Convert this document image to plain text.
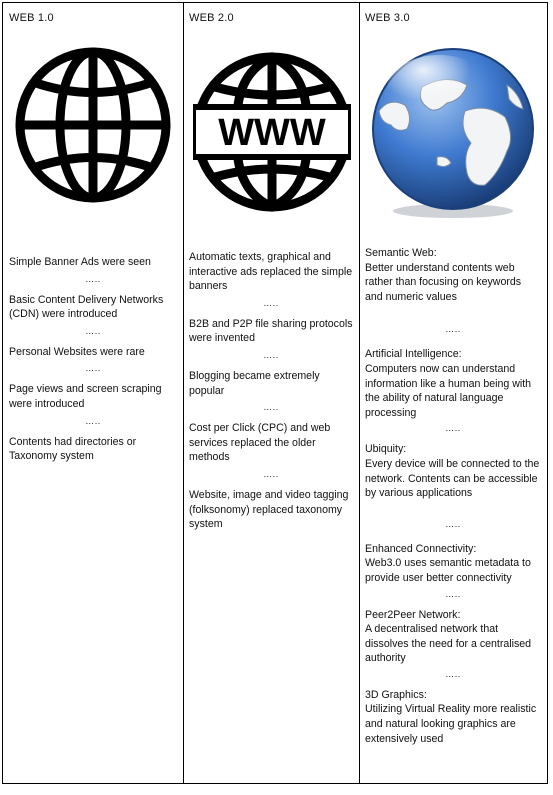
WEB 1.0

Simple Banner Ads were seen

…..

Basic Content Delivery Networks (CDN) were introduced

…..

Personal Websites were rare

…..

Page views and screen scraping were introduced

…..

Contents had directories or Taxonomy system

WEB 2.0
WWW

Automatic texts, graphical and interactive ads replaced the simple banners

…..

B2B and P2P file sharing protocols were invented

…..

Blogging became extremely popular

…..

Cost per Click (CPC) and web services replaced the older methods

…..

Website, image and video tagging (folksonomy) replaced taxonomy system

WEB 3.0

Semantic Web:

Better understand contents web rather than focusing on keywords and numeric values

…..

Artificial Intelligence:

Computers now can understand information like a human being with the ability of natural language processing

…..

Ubiquity:

Every device will be connected to the network. Contents can be accessible by various applications

…..

Enhanced Connectivity:

Web3.0 uses semantic metadata to provide user better connectivity

…..

Peer2Peer Network:

A decentralised network that dissolves the need for a centralised authority

…..

3D Graphics:

Utilizing Virtual Reality more realistic and natural looking graphics are extensively used
